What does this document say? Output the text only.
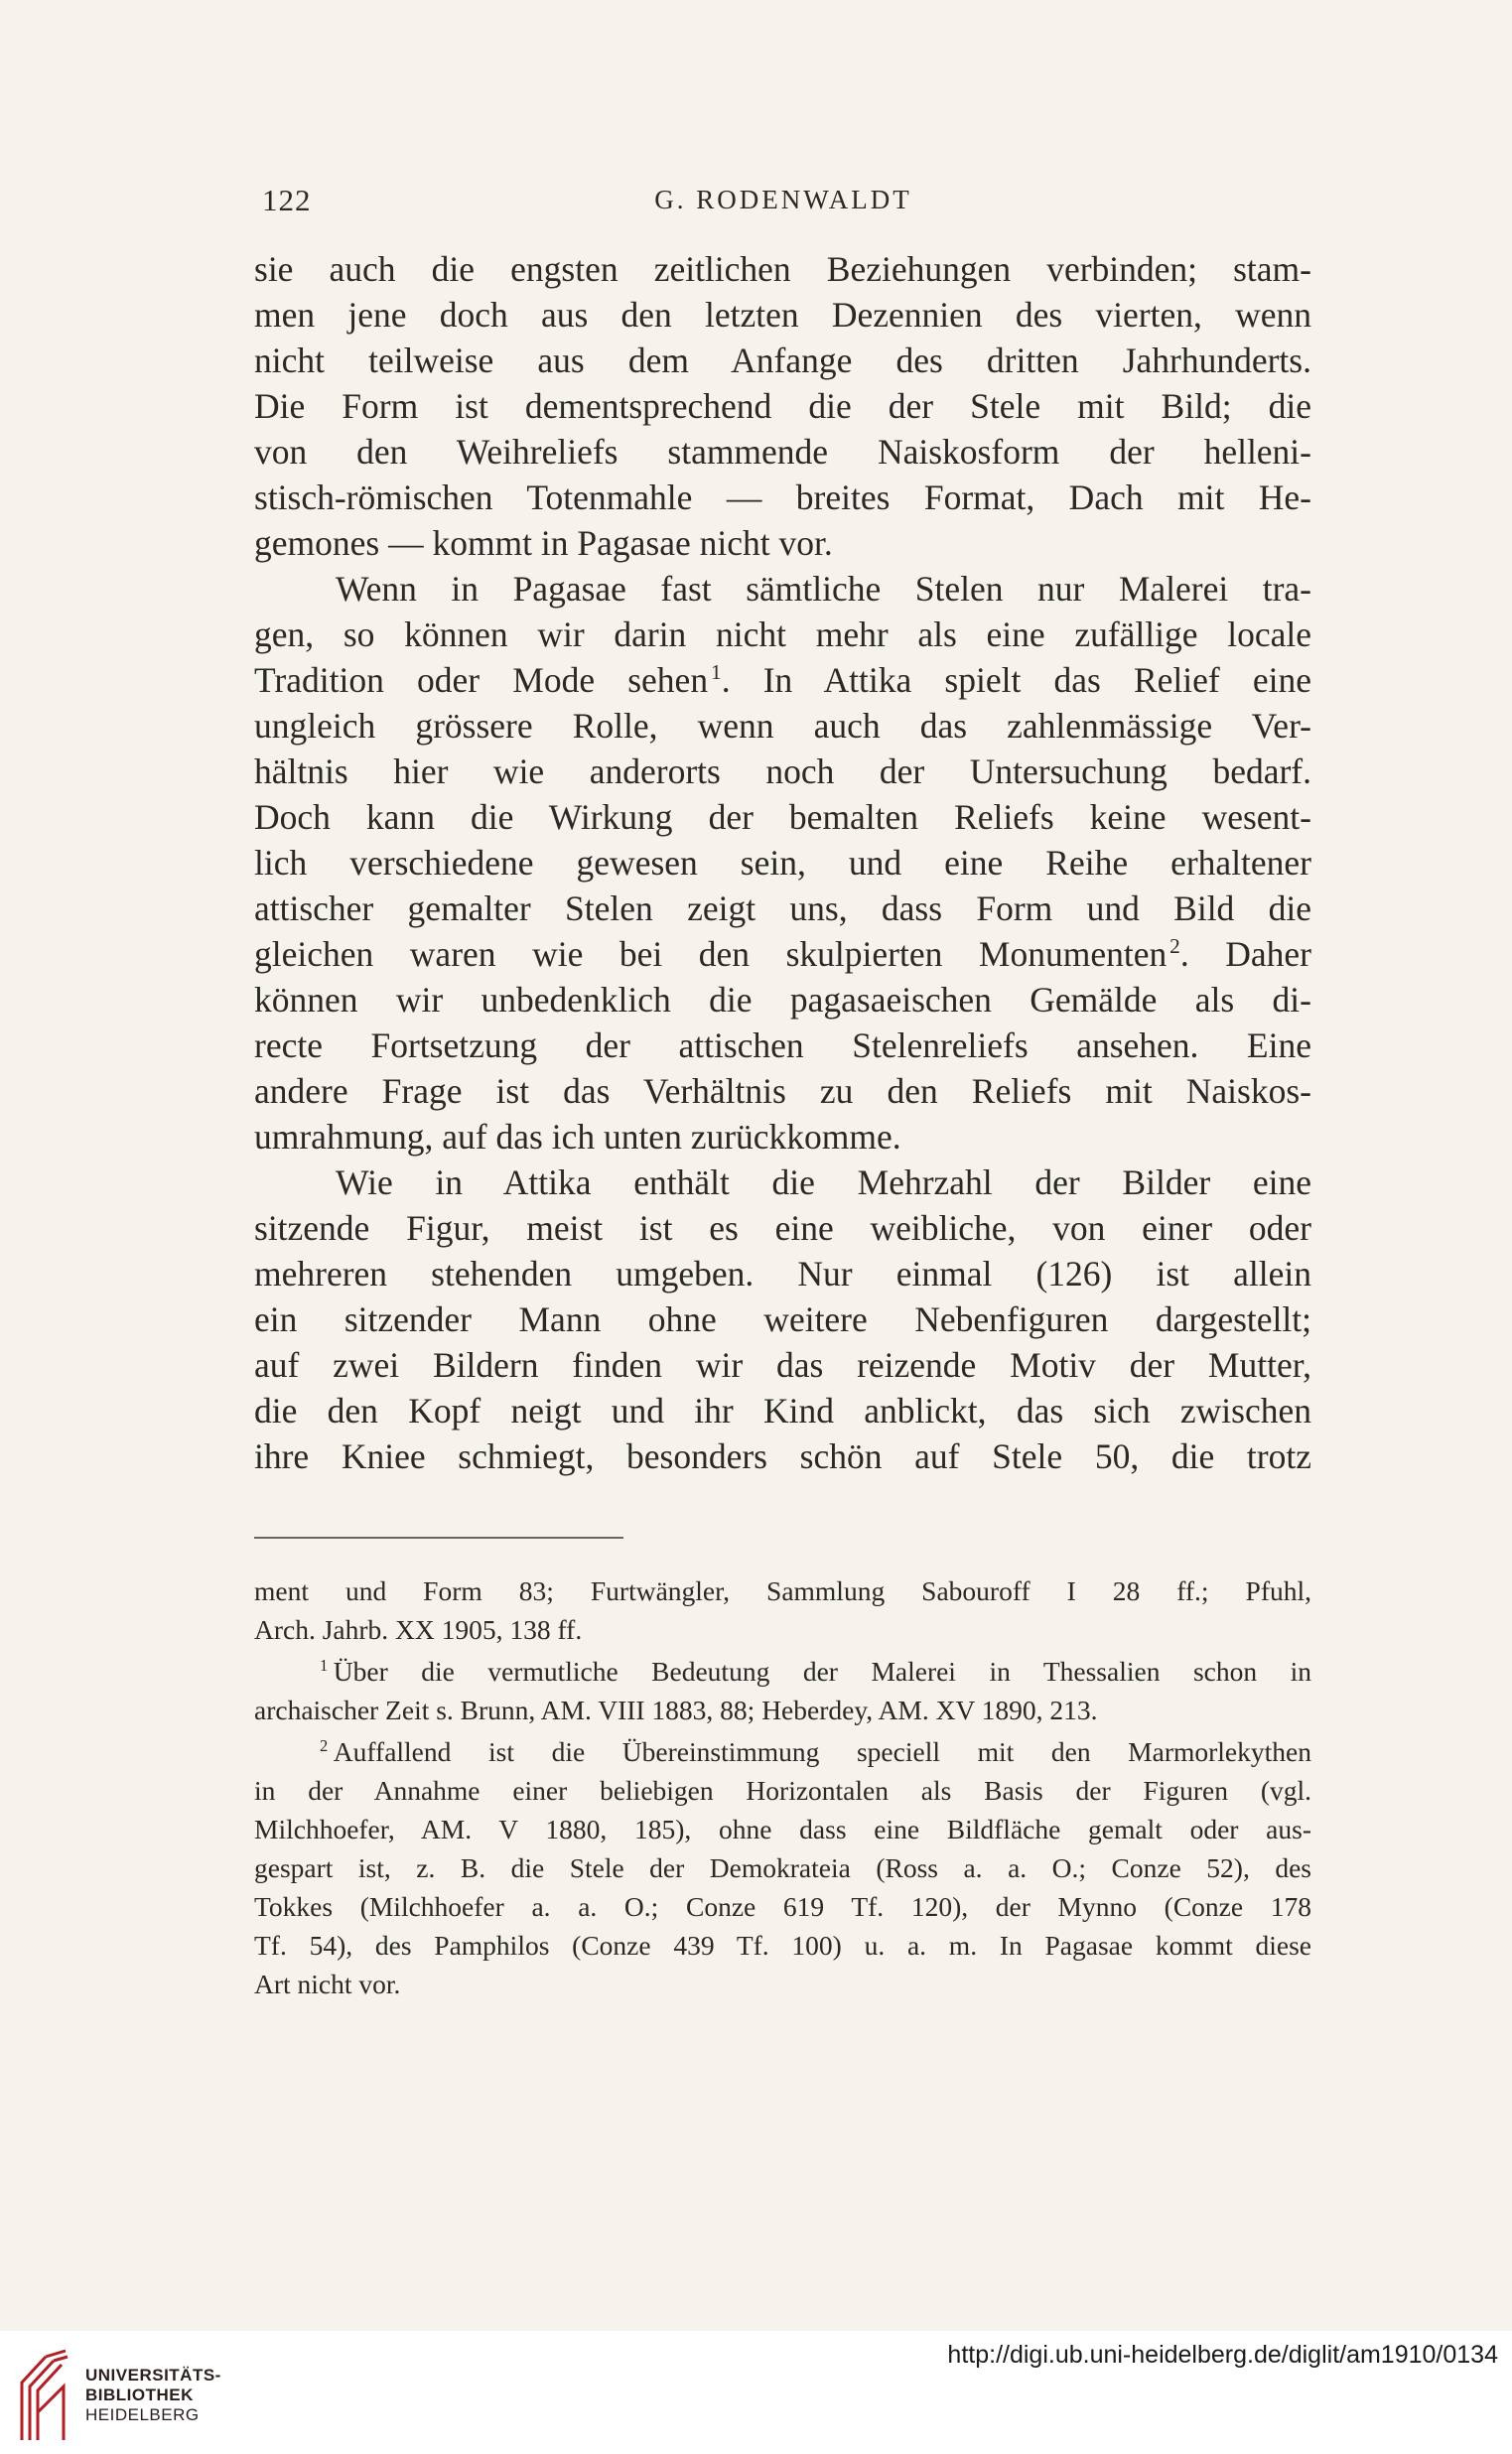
122	G. RODENWALDT
sie auch die engsten zeitlichen Beziehungen verbinden; stam-
men jene doch aus den letzten Dezennien des vierten, wenn
nicht teilweise aus dem Anfange des dritten Jahrhunderts.
Die Form ist dementsprechend die der Stele mit Bild; die
von den Weihreliefs stammende Naiskosform der helleni-
stisch-römischen Totenmahle — breites Format, Dach mit He-
gemones — kommt in Pagasae nicht vor.
Wenn in Pagasae fast sämtliche Stelen nur Malerei tra-
gen, so können wir darin nicht mehr als eine zufällige locale
Tradition oder Mode sehen  $^1$. In Attika spielt das Relief eine
ungleich grössere Rolle, wenn auch das zahlenmässige Ver-
hältnis hier wie anderorts noch der Untersuchung bedarf.
Doch kann die Wirkung der bemalten Reliefs keine wesent-
lich verschiedene gewesen sein, und eine Reihe erhaltener
attischer gemalter Stelen zeigt uns, dass Form und Bild die
gleichen waren wie bei den skulpierten Monumenten  $^2$. Daher
können wir unbedenklich die pagasaeischen Gemälde als di-
recte Fortsetzung der attischen Stelenreliefs ansehen. Eine
andere Frage ist das Verhältnis zu den Reliefs mit Naiskos-
umrahmung, auf das ich unten zurückkomme.
Wie in Attika enthält die Mehrzahl der Bilder eine
sitzende Figur, meist ist es eine weibliche, von einer oder
mehreren stehenden umgeben. Nur einmal (126) ist allein
ein sitzender Mann ohne weitere Nebenfiguren dargestellt;
auf zwei Bildern finden wir das reizende Motiv der Mutter,
die den Kopf neigt und ihr Kind anblickt, das sich zwischen
ihre Kniee schmiegt, besonders schön auf Stele 50, die trotz
ment und Form 83; Furtwängler, Sammlung Sabouroff I 28 ff.; Pfuhl,
Arch. Jahrb. XX 1905, 138 ff.
$^1$  Über die vermutliche Bedeutung der Malerei in Thessalien schon in
archaischer Zeit s. Brunn, AM. VIII 1883, 88; Heberdey, AM. XV 1890, 213.
$^2$  Auffallend ist die Übereinstimmung speciell mit den Marmorlekythen
in der Annahme einer beliebigen Horizontalen als Basis der Figuren (vgl.
Milchhoefer, AM. V 1880, 185), ohne dass eine Bildfläche gemalt oder aus-
gespart ist, z. B. die Stele der Demokrateia (Ross a. a. O.; Conze 52), des
Tokkes (Milchhoefer a. a. O.; Conze 619 Tf. 120), der Mynno (Conze 178
Tf. 54), des Pamphilos (Conze 439 Tf. 100) u. a. m. In Pagasae kommt diese
Art nicht vor.
UNIVERSITÄTS-
BIBLIOTHEK
HEIDELBERG
http://digi.ub.uni-heidelberg.de/diglit/am1910/0134
